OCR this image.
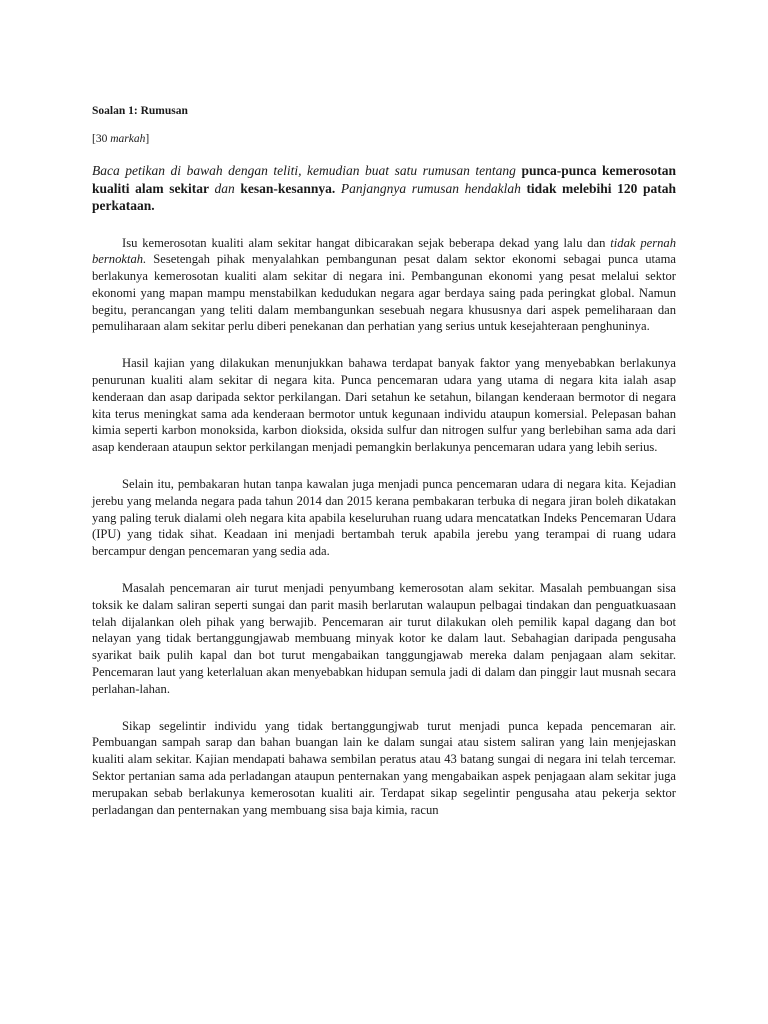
Soalan 1: Rumusan
[30 markah]
Baca petikan di bawah dengan teliti, kemudian buat satu rumusan tentang punca-punca kemerosotan kualiti alam sekitar dan kesan-kesannya. Panjangnya rumusan hendaklah tidak melebihi 120 patah perkataan.

Isu kemerosotan kualiti alam sekitar hangat dibicarakan sejak beberapa dekad yang lalu dan tidak pernah bernoktah. Sesetengah pihak menyalahkan pembangunan pesat dalam sektor ekonomi sebagai punca utama berlakunya kemerosotan kualiti alam sekitar di negara ini. Pembangunan ekonomi yang pesat melalui sektor ekonomi yang mapan mampu menstabilkan kedudukan negara agar berdaya saing pada peringkat global. Namun begitu, perancangan yang teliti dalam membangunkan sesebuah negara khususnya dari aspek pemeliharaan dan pemuliharaan alam sekitar perlu diberi penekanan dan perhatian yang serius untuk kesejahteraan penghuninya.

Hasil kajian yang dilakukan menunjukkan bahawa terdapat banyak faktor yang menyebabkan berlakunya penurunan kualiti alam sekitar di negara kita. Punca pencemaran udara yang utama di negara kita ialah asap kenderaan dan asap daripada sektor perkilangan. Dari setahun ke setahun, bilangan kenderaan bermotor di negara kita terus meningkat sama ada kenderaan bermotor untuk kegunaan individu ataupun komersial. Pelepasan bahan kimia seperti karbon monoksida, karbon dioksida, oksida sulfur dan nitrogen sulfur yang berlebihan sama ada dari asap kenderaan ataupun sektor perkilangan menjadi pemangkin berlakunya pencemaran udara yang lebih serius.

Selain itu, pembakaran hutan tanpa kawalan juga menjadi punca pencemaran udara di negara kita. Kejadian jerebu yang melanda negara pada tahun 2014 dan 2015 kerana pembakaran terbuka di negara jiran boleh dikatakan yang paling teruk dialami oleh negara kita apabila keseluruhan ruang udara mencatatkan Indeks Pencemaran Udara (IPU) yang tidak sihat. Keadaan ini menjadi bertambah teruk apabila jerebu yang terampai di ruang udara bercampur dengan pencemaran yang sedia ada.

Masalah pencemaran air turut menjadi penyumbang kemerosotan alam sekitar. Masalah pembuangan sisa toksik ke dalam saliran seperti sungai dan parit masih berlarutan walaupun pelbagai tindakan dan penguatkuasaan telah dijalankan oleh pihak yang berwajib. Pencemaran air turut dilakukan oleh pemilik kapal dagang dan bot nelayan yang tidak bertanggungjawab membuang minyak kotor ke dalam laut. Sebahagian daripada pengusaha syarikat baik pulih kapal dan bot turut mengabaikan tanggungjawab mereka dalam penjagaan alam sekitar. Pencemaran laut yang keterlaluan akan menyebabkan hidupan semula jadi di dalam dan pinggir laut musnah secara perlahan-lahan.

Sikap segelintir individu yang tidak bertanggungjwab turut menjadi punca kepada pencemaran air. Pembuangan sampah sarap dan bahan buangan lain ke dalam sungai atau sistem saliran yang lain menjejaskan kualiti alam sekitar. Kajian mendapati bahawa sembilan peratus atau 43 batang sungai di negara ini telah tercemar. Sektor pertanian sama ada perladangan ataupun penternakan yang mengabaikan aspek penjagaan alam sekitar juga merupakan sebab berlakunya kemerosotan kualiti air. Terdapat sikap segelintir pengusaha atau pekerja sektor perladangan dan penternakan yang membuang sisa baja kimia, racun
